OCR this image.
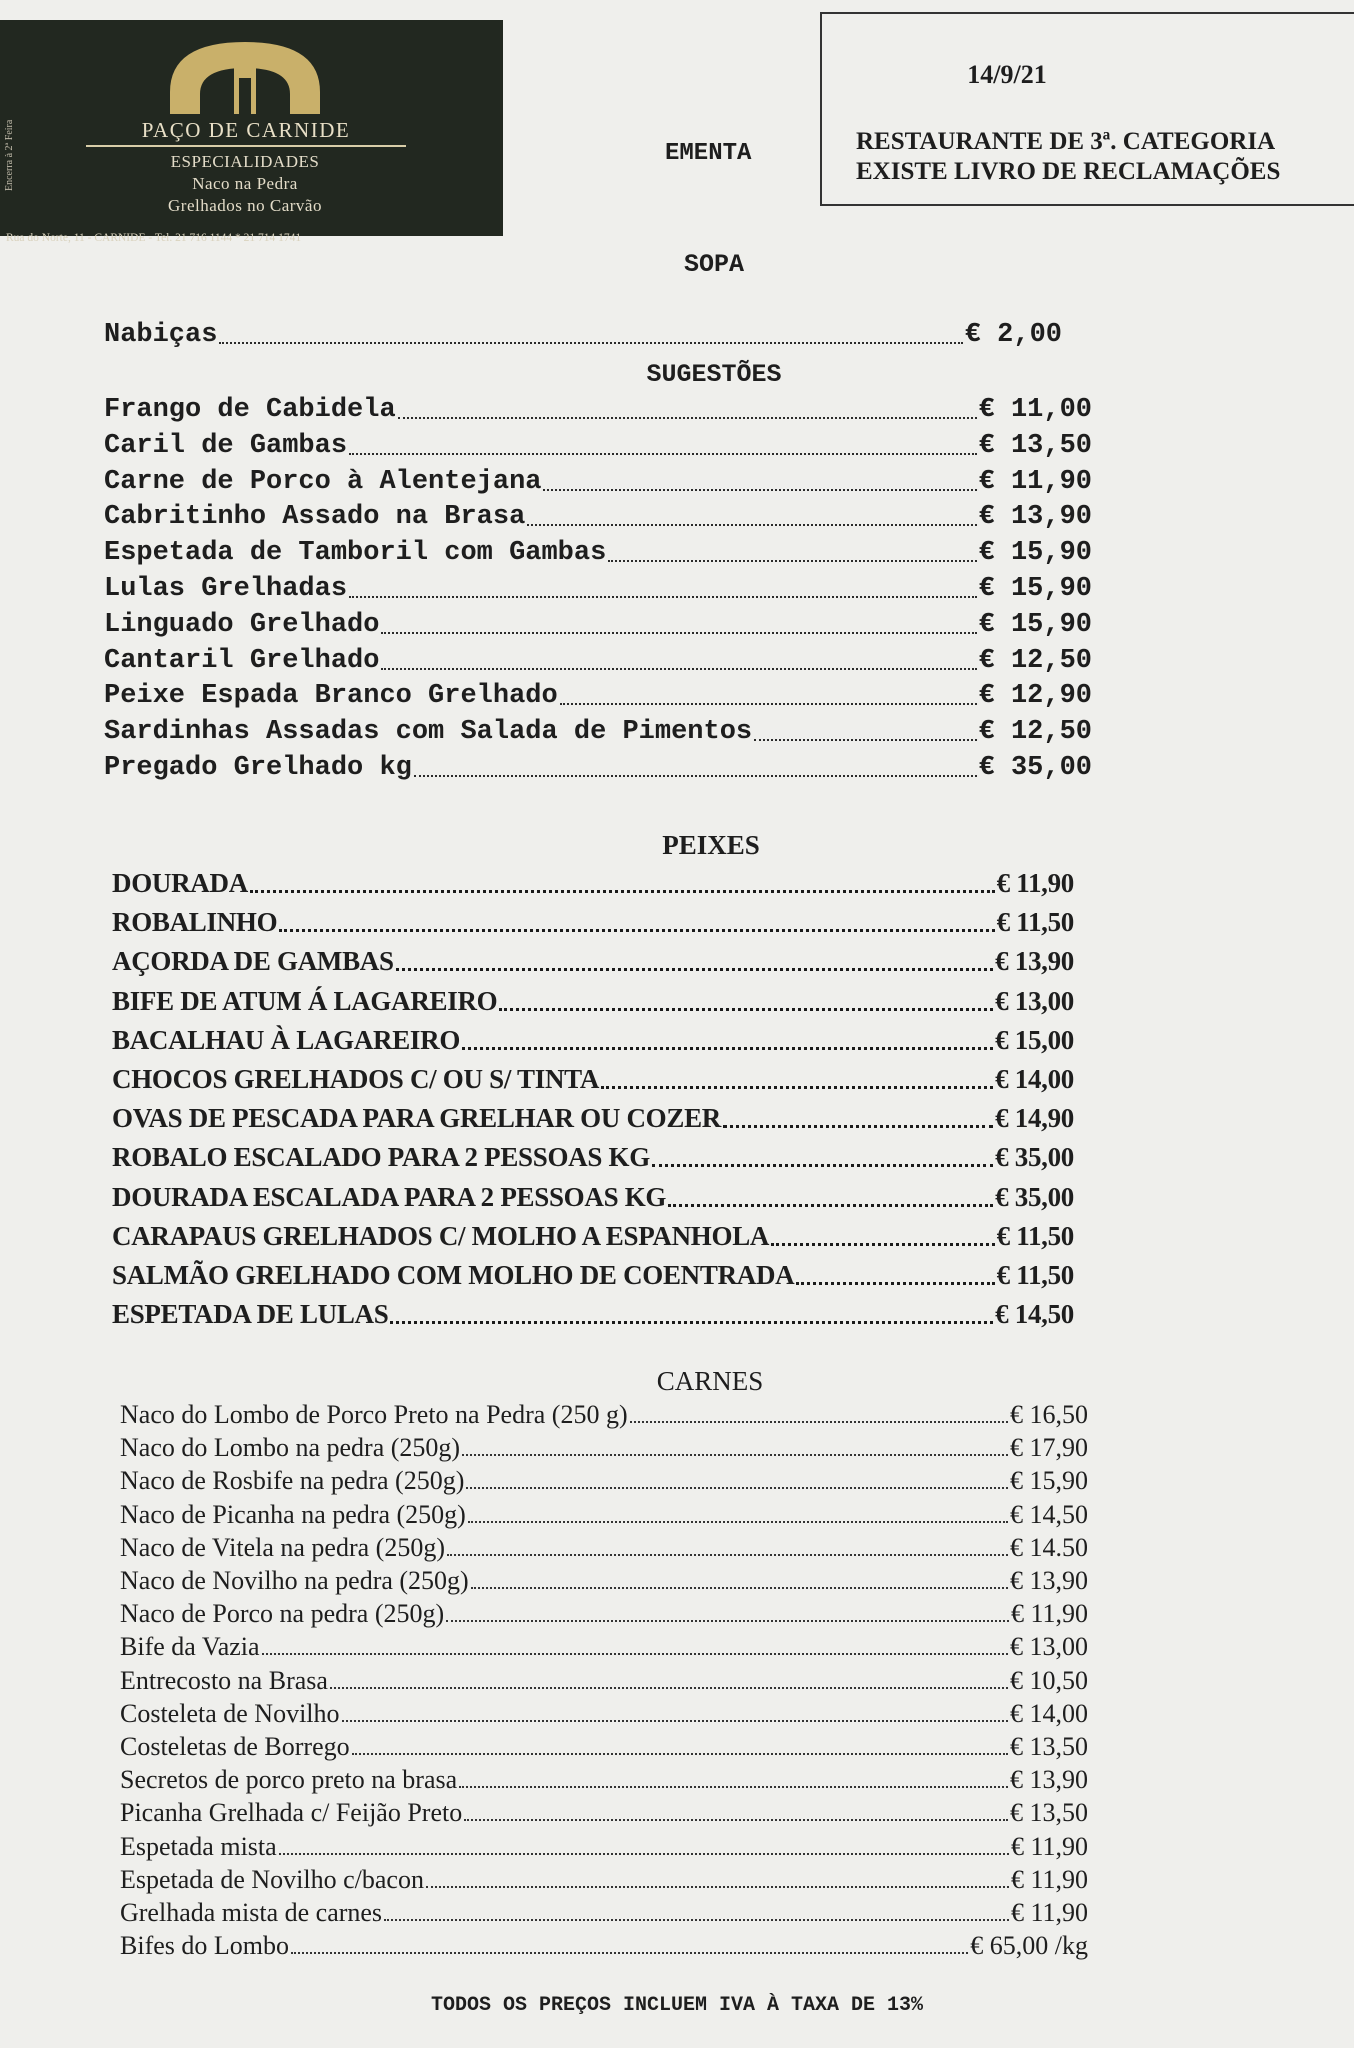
Encerra à 2ª Feira	PAÇO DE CARNIDE
ESPECIALIDADES
Naco na Pedra
Grelhados no Carvão
Rua do Norte, 11 - CARNIDE - Tel. 21 716 1144 * 21 714 1741
EMENTA
14/9/21
RESTAURANTE DE 3ª. CATEGORIA
EXISTE LIVRO DE RECLAMAÇÕES
SOPA
Nabiças	€ 2,00
SUGESTÕES
Frango de Cabidela	€ 11,00
Caril de Gambas	€ 13,50
Carne de Porco à Alentejana	€ 11,90
Cabritinho Assado na Brasa	€ 13,90
Espetada de Tamboril com Gambas	€ 15,90
Lulas Grelhadas	€ 15,90
Linguado Grelhado	€ 15,90
Cantaril Grelhado	€ 12,50
Peixe Espada Branco Grelhado	€ 12,90
Sardinhas Assadas com Salada de Pimentos	€ 12,50
Pregado Grelhado kg	€ 35,00
PEIXES
DOURADA	€ 11,90
ROBALINHO	€ 11,50
AÇORDA DE GAMBAS	€ 13,90
BIFE DE ATUM Á LAGAREIRO	€ 13,00
BACALHAU À LAGAREIRO	€ 15,00
CHOCOS GRELHADOS C/ OU S/ TINTA	€ 14,00
OVAS DE PESCADA PARA GRELHAR OU COZER	€ 14,90
ROBALO ESCALADO PARA 2 PESSOAS KG	€ 35,00
DOURADA ESCALADA PARA 2 PESSOAS KG	€ 35,00
CARAPAUS GRELHADOS C/ MOLHO A ESPANHOLA	€ 11,50
SALMÃO GRELHADO COM MOLHO DE COENTRADA	€ 11,50
ESPETADA DE LULAS	€ 14,50
CARNES
Naco do Lombo de Porco Preto na Pedra (250 g)	€ 16,50
Naco do Lombo na pedra (250g)	€ 17,90
Naco de Rosbife na pedra (250g)	€ 15,90
Naco de Picanha na pedra (250g)	€ 14,50
Naco de Vitela na pedra (250g)	€ 14.50
Naco de Novilho na pedra (250g)	€ 13,90
Naco de Porco na pedra (250g)	€ 11,90
Bife da Vazia	€ 13,00
Entrecosto na Brasa	€ 10,50
Costeleta de Novilho	€ 14,00
Costeletas de Borrego	€ 13,50
Secretos de porco preto na brasa	€ 13,90
Picanha Grelhada c/ Feijão Preto	€ 13,50
Espetada mista	€ 11,90
Espetada de Novilho c/bacon	€ 11,90
Grelhada mista de carnes	€ 11,90
Bifes do Lombo	€ 65,00 /kg
TODOS OS PREÇOS INCLUEM IVA À TAXA DE 13%
